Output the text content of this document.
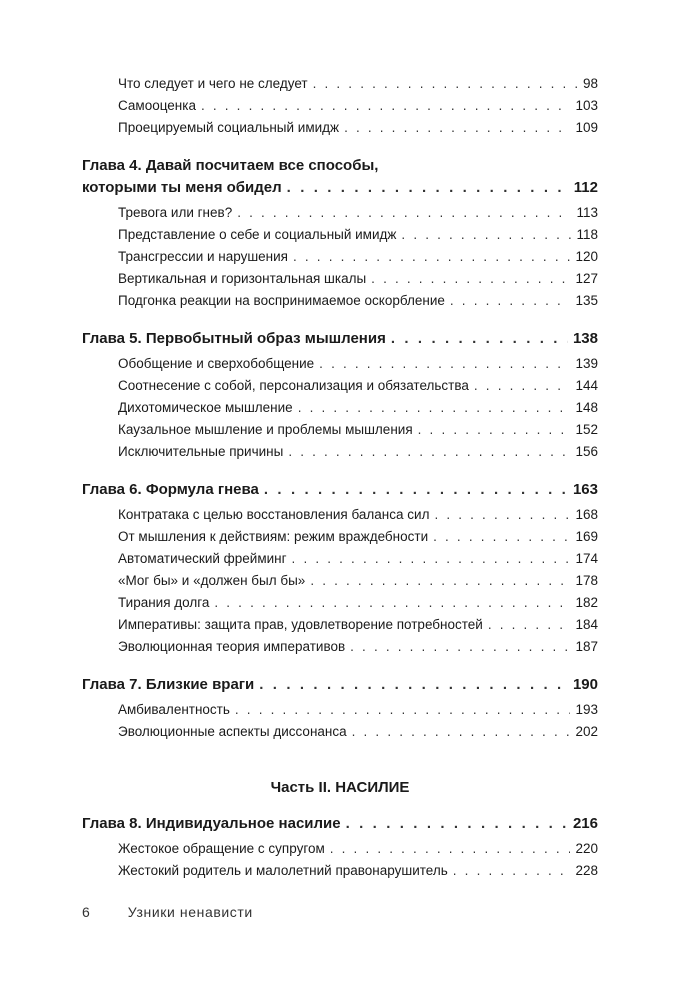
Что следует и чего не следует . . .	98
Самооценка . . .	103
Проецируемый социальный имидж . . .	109
Глава 4. Давай посчитаем все способы,
которыми ты меня обидел . . .	112
Тревога или гнев? . . .	113
Представление о себе и социальный имидж . . .	118
Трансгрессии и нарушения . . .	120
Вертикальная и горизонтальная шкалы . . .	127
Подгонка реакции на воспринимаемое оскорбление . . .	135
Глава 5. Первобытный образ мышления . . .	138
Обобщение и сверхобобщение . . .	139
Соотнесение с собой, персонализация и обязательства . . .	144
Дихотомическое мышление . . .	148
Каузальное мышление и проблемы мышления . . .	152
Исключительные причины . . .	156
Глава 6. Формула гнева . . .	163
Контратака с целью восстановления баланса сил . . .	168
От мышления к действиям: режим враждебности . . .	169
Автоматический фрейминг . . .	174
«Мог бы» и «должен был бы» . . .	178
Тирания долга . . .	182
Императивы: защита прав, удовлетворение потребностей . . .	184
Эволюционная теория императивов . . .	187
Глава 7. Близкие враги . . .	190
Амбивалентность . . .	193
Эволюционные аспекты диссонанса . . .	202
Часть II. НАСИЛИЕ
Глава 8. Индивидуальное насилие . . .	216
Жестокое обращение с супругом . . .	220
Жестокий родитель и малолетний правонарушитель . . .	228
6	Узники ненависти
